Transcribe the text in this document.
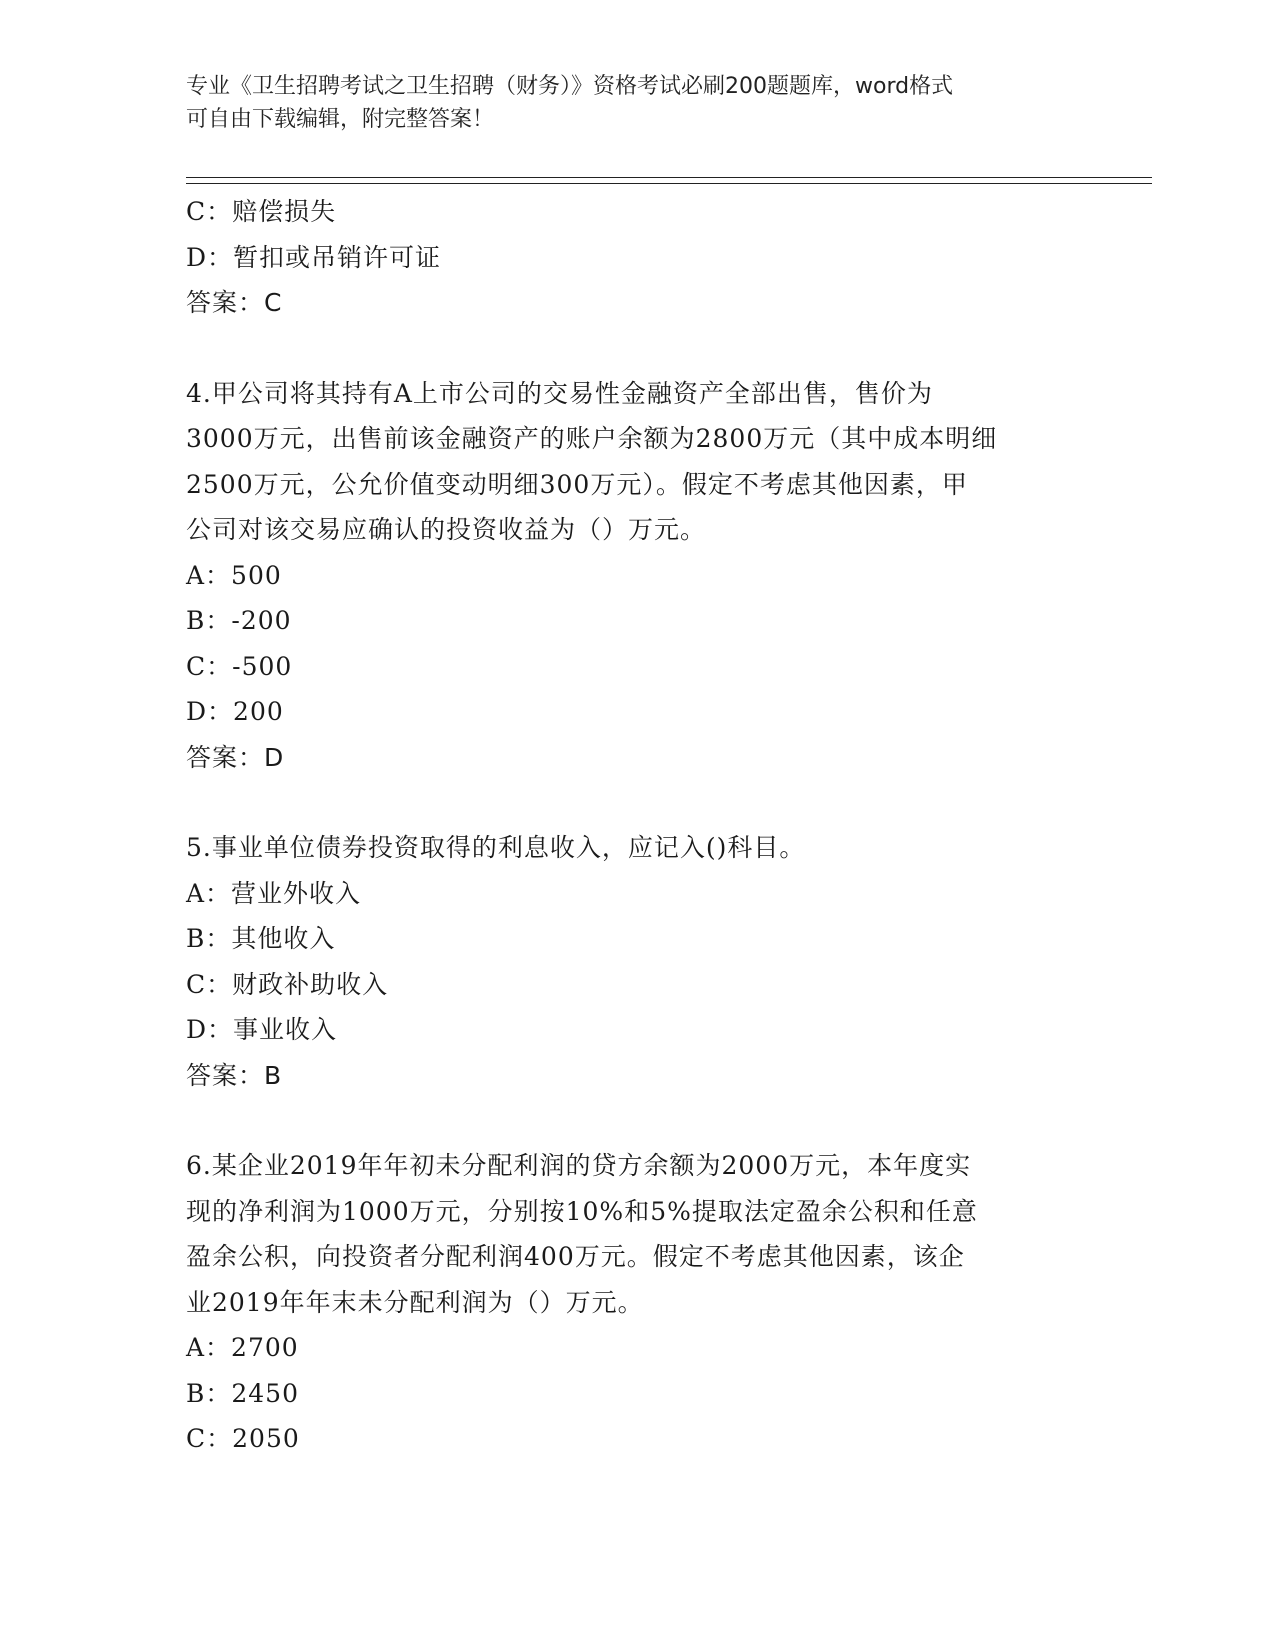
专业《卫生招聘考试之卫生招聘（财务）》资格考试必刷200题题库，word格式
可自由下载编辑，附完整答案！
C：赔偿损失
D：暂扣或吊销许可证
答案：C
4.甲公司将其持有A上市公司的交易性金融资产全部出售，售价为
3000万元，出售前该金融资产的账户余额为2800万元（其中成本明细
2500万元，公允价值变动明细300万元）。假定不考虑其他因素，甲
公司对该交易应确认的投资收益为（）万元。
A：500
B：-200
C：-500
D：200
答案：D
5.事业单位债券投资取得的利息收入，应记入()科目。
A：营业外收入
B：其他收入
C：财政补助收入
D：事业收入
答案：B
6.某企业2019年年初未分配利润的贷方余额为2000万元，本年度实
现的净利润为1000万元，分别按10%和5%提取法定盈余公积和任意
盈余公积，向投资者分配利润400万元。假定不考虑其他因素，该企
业2019年年末未分配利润为（）万元。
A：2700
B：2450
C：2050
